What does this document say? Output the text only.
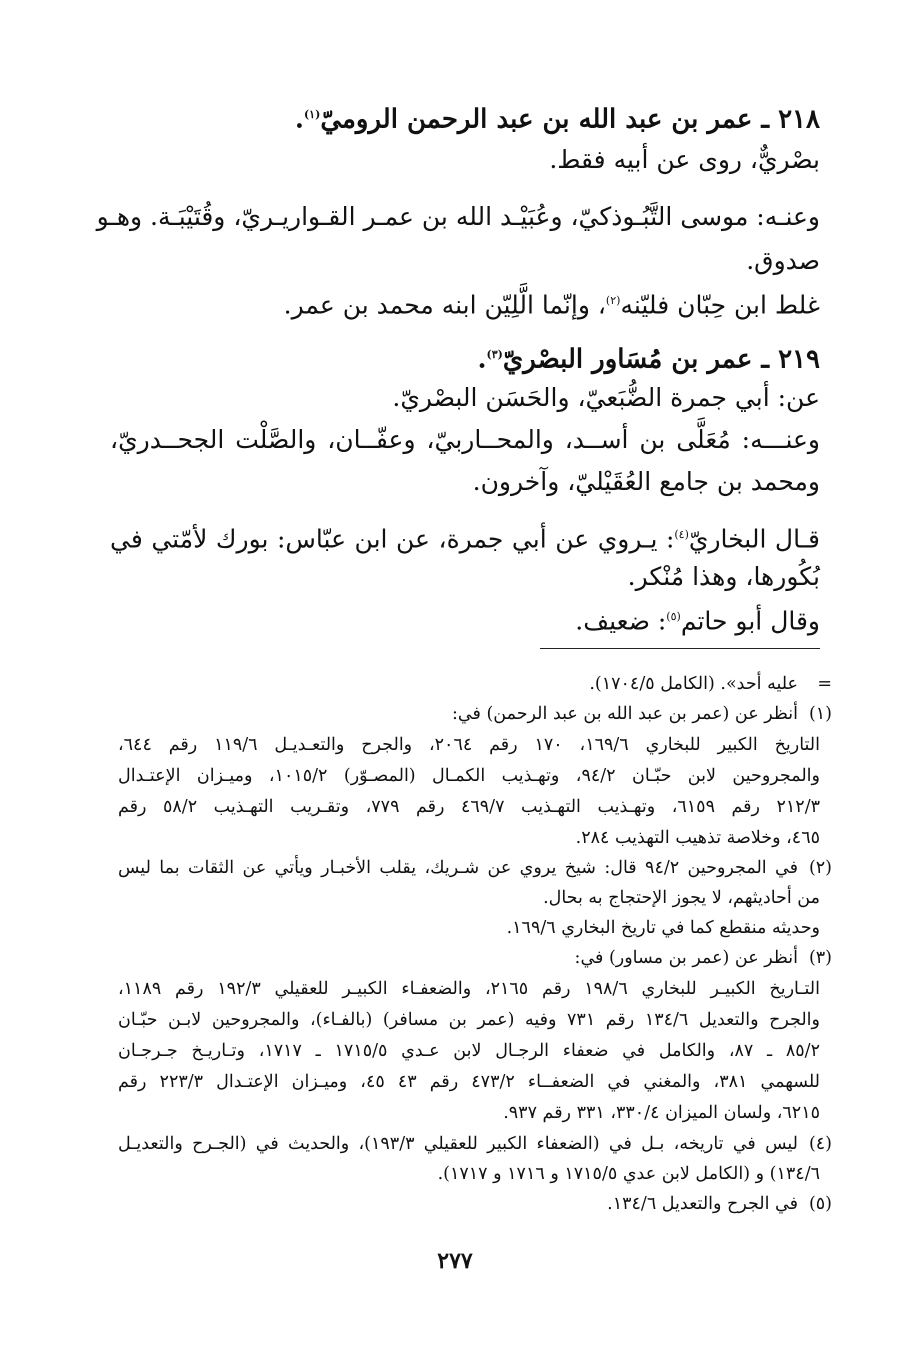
٢١٨ ـ عمر بن عبد الله بن عبد الرحمن الروميّ$^{(١)}$.
بصْريٌّ، روى عن أبيه فقط.
وعنـه: موسى التَّبُـوذكيّ، وعُبَيْـد الله بن عمـر القـواريـريّ، وقُتَيْبَـة. وهـو
صدوق.
غلط ابن حِبّان فليّنه$^{(٢)}$، وإنّما الَّلِيّن ابنه محمد بن عمر.
٢١٩ ـ عمر بن مُسَاور البصْريّ$^{(٣)}$.
عن: أبي جمرة الضُّبَعيّ، والحَسَن البصْريّ.
وعنـــه: مُعَلَّى بن أســد، والمحــاربيّ، وعفّــان، والصَّلْت الجحــدريّ،
ومحمد بن جامع العُقَيْليّ، وآخرون.
قـال البخاريّ$^{(٤)}$: يـروي عن أبي جمرة، عن ابن عبّاس: بورك لأمّتي في
بُكُورها، وهذا مُنْكر.
وقال أبو حاتم$^{(٥)}$: ضعيف.
=
عليه أحد». (الكامل ١٧٠٤/٥).
(١)
أنظر عن (عمر بن عبد الله بن عبد الرحمن) في:
التاريخ الكبير للبخاري ١٦٩/٦، ١٧٠ رقم ٢٠٦٤، والجرح والتعـديـل ١١٩/٦ رقم ٦٤٤،
والمجروحين لابن حبّـان ٩٤/٢، وتهـذيب الكمـال (المصـوّر) ١٠١٥/٢، وميـزان الإعتـدال
٢١٢/٣ رقم ٦١٥٩، وتهـذيب التهـذيب ٤٦٩/٧ رقم ٧٧٩، وتقـريب التهـذيب ٥٨/٢ رقم
٤٦٥، وخلاصة تذهيب التهذيب ٢٨٤.
(٢)
في المجروحين ٩٤/٢ قال: شيخ يروي عن شـريك، يقلب الأخبـار ويأتي عن الثقات بما ليس
من أحاديثهم، لا يجوز الإحتجاج به بحال.
وحديثه منقطع كما في تاريخ البخاري ١٦٩/٦.
(٣)
أنظر عن (عمر بن مساور) في:
التـاريخ الكبيـر للبخاري ١٩٨/٦ رقم ٢١٦٥، والضعفـاء الكبيـر للعقيلي ١٩٢/٣ رقم ١١٨٩،
والجرح والتعديل ١٣٤/٦ رقم ٧٣١ وفيه (عمر بن مسافر) (بالفـاء)، والمجروحين لابـن حبّـان
٨٥/٢ ـ ٨٧، والكامل في ضعفاء الرجـال لابن عـدي ١٧١٥/٥ ـ ١٧١٧، وتـاريـخ جـرجـان
للسهمي ٣٨١، والمغني في الضعفــاء ٤٧٣/٢ رقم ٤٣ ٤٥، وميـزان الإعتـدال ٢٢٣/٣ رقم
٦٢١٥، ولسان الميزان ٣٣٠/٤، ٣٣١ رقم ٩٣٧.
(٤)
ليس في تاريخه، بـل في (الضعفاء الكبير للعقيلي ١٩٣/٣)، والحديث في (الجـرح والتعديـل
١٣٤/٦) و (الكامل لابن عدي ١٧١٥/٥ و ١٧١٦ و ١٧١٧).
(٥)
في الجرح والتعديل ١٣٤/٦.
٢٧٧
